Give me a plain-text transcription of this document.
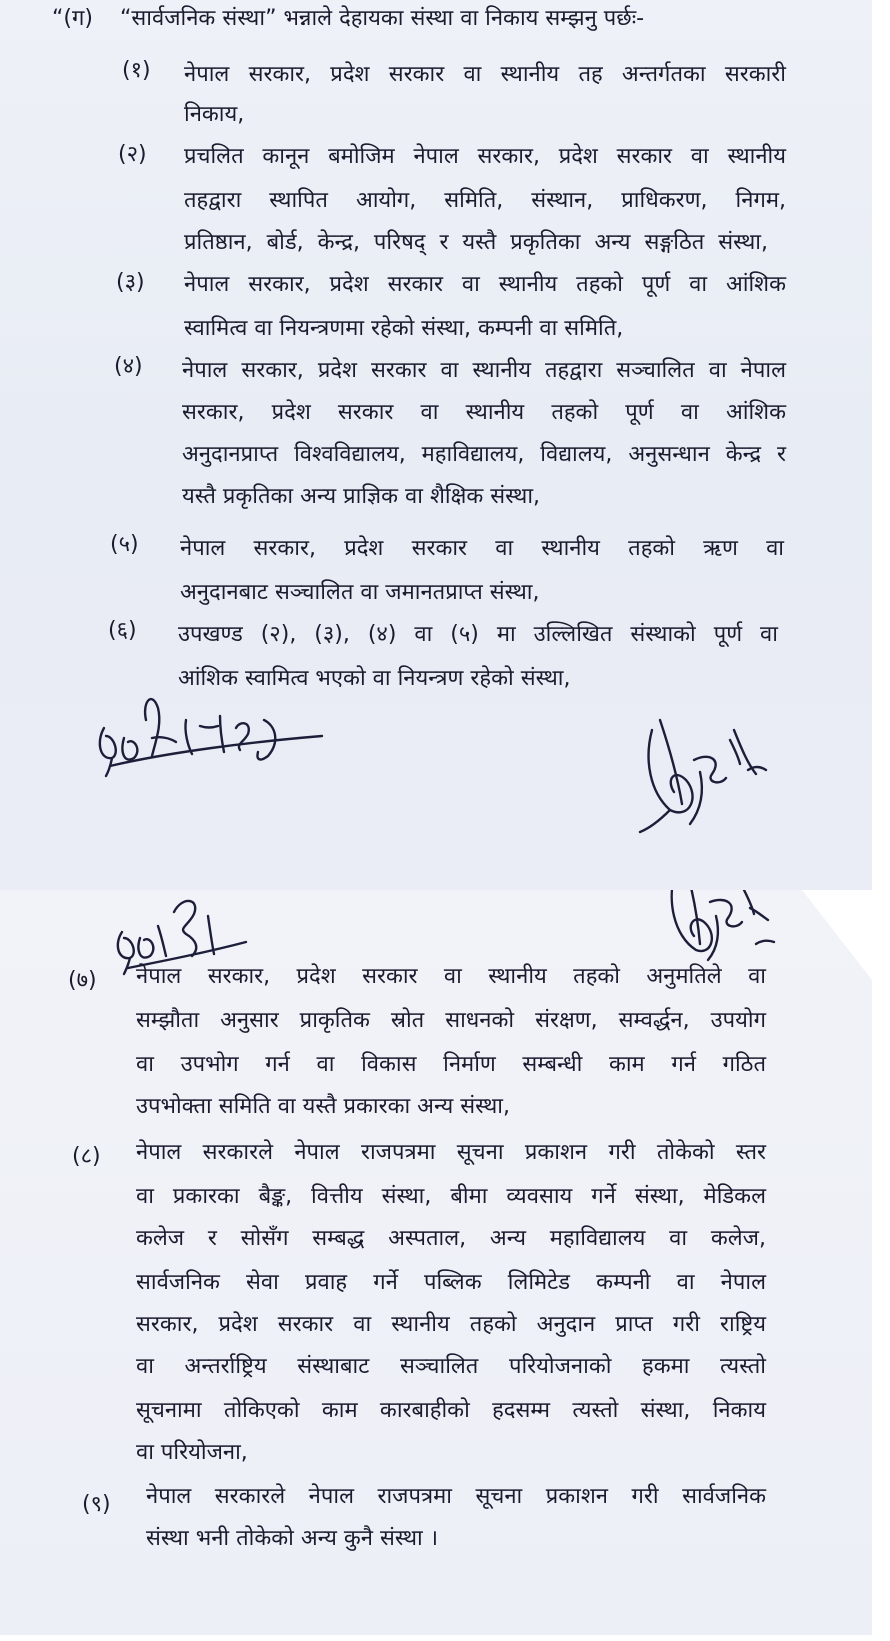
“(ग) “सार्वजनिक संस्था” भन्नाले देहायका संस्था वा निकाय सम्झनु पर्छः-
(१) नेपाल सरकार, प्रदेश सरकार वा स्थानीय तह अन्तर्गतका सरकारी
निकाय,
(२) प्रचलित कानून बमोजिम नेपाल सरकार, प्रदेश सरकार वा स्थानीय
तहद्वारा स्थापित आयोग, समिति, संस्थान, प्राधिकरण, निगम,
प्रतिष्ठान, बोर्ड, केन्द्र, परिषद् र यस्तै प्रकृतिका अन्य सङ्गठित संस्था,
(३) नेपाल सरकार, प्रदेश सरकार वा स्थानीय तहको पूर्ण वा आंशिक
स्वामित्व वा नियन्त्रणमा रहेको संस्था, कम्पनी वा समिति,
(४) नेपाल सरकार, प्रदेश सरकार वा स्थानीय तहद्वारा सञ्चालित वा नेपाल
सरकार, प्रदेश सरकार वा स्थानीय तहको पूर्ण वा आंशिक
अनुदानप्राप्त विश्वविद्यालय, महाविद्यालय, विद्यालय, अनुसन्धान केन्द्र र
यस्तै प्रकृतिका अन्य प्राज्ञिक वा शैक्षिक संस्था,
(५) नेपाल सरकार, प्रदेश सरकार वा स्थानीय तहको ऋण वा
अनुदानबाट सञ्चालित वा जमानतप्राप्त संस्था,
(६) उपखण्ड (२), (३), (४) वा (५) मा उल्लिखित संस्थाको पूर्ण वा
आंशिक स्वामित्व भएको वा नियन्त्रण रहेको संस्था,
(७) नेपाल सरकार, प्रदेश सरकार वा स्थानीय तहको अनुमतिले वा
सम्झौता अनुसार प्राकृतिक स्रोत साधनको संरक्षण, सम्वर्द्धन, उपयोग
वा उपभोग गर्न वा विकास निर्माण सम्बन्धी काम गर्न गठित
उपभोक्ता समिति वा यस्तै प्रकारका अन्य संस्था,
(८) नेपाल सरकारले नेपाल राजपत्रमा सूचना प्रकाशन गरी तोकेको स्तर
वा प्रकारका बैङ्क, वित्तीय संस्था, बीमा व्यवसाय गर्ने संस्था, मेडिकल
कलेज र सोसँग सम्बद्ध अस्पताल, अन्य महाविद्यालय वा कलेज,
सार्वजनिक सेवा प्रवाह गर्ने पब्लिक लिमिटेड कम्पनी वा नेपाल
सरकार, प्रदेश सरकार वा स्थानीय तहको अनुदान प्राप्त गरी राष्ट्रिय
वा अन्तर्राष्ट्रिय संस्थाबाट सञ्चालित परियोजनाको हकमा त्यस्तो
सूचनामा तोकिएको काम कारबाहीको हदसम्म त्यस्तो संस्था, निकाय
वा परियोजना,
(९) नेपाल सरकारले नेपाल राजपत्रमा सूचना प्रकाशन गरी सार्वजनिक
संस्था भनी तोकेको अन्य कुनै संस्था ।
